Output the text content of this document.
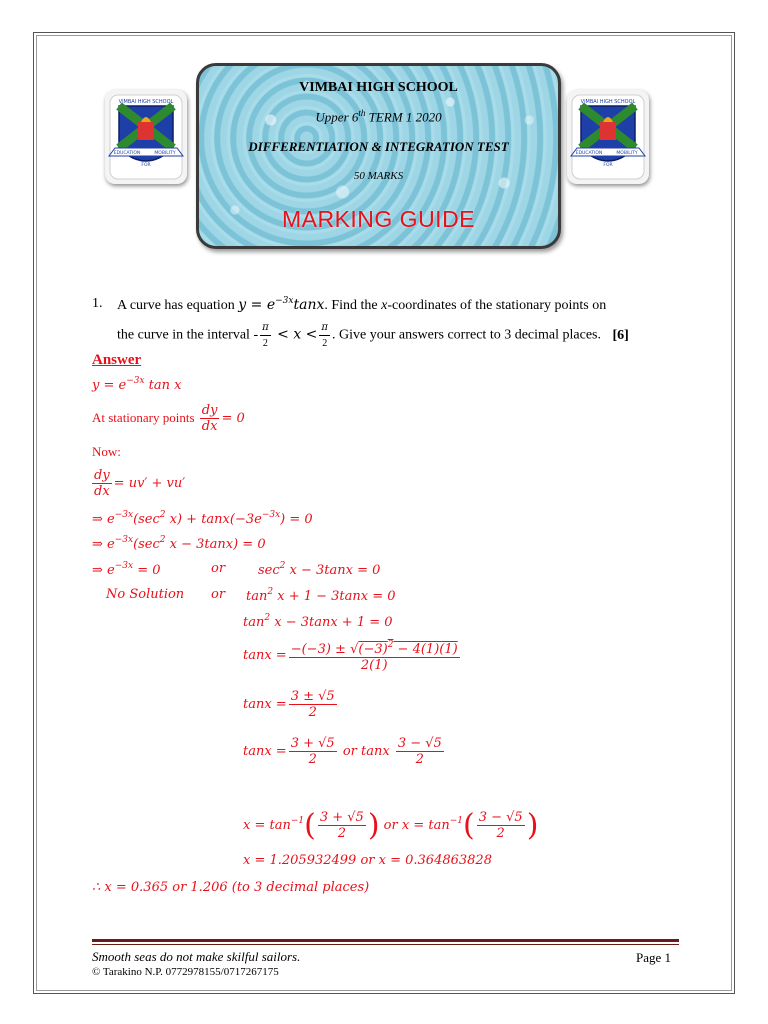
VIMBAI HIGH SCHOOL
EDUCATION	MOBILITY
FOR
VIMBAI HIGH SCHOOL
EDUCATION	MOBILITY
FOR
VIMBAI HIGH SCHOOL
Upper 6th TERM 1 2020
DIFFERENTIATION & INTEGRATION TEST
50 MARKS
MARKING GUIDE
1. A curve has equation $y = e^{-3x}\tan x$. Find the x-coordinates of the stationary points on
the curve in the interval - $\frac{\pi}{2} < x < \frac{\pi}{2}$ . Give your answers correct to 3 decimal places. [6]
Answer
$y = e^{-3x}$ tan x
At stationary points $\frac{dy}{dx} = 0$
Now:
$\frac{dy}{dx} = uv' + vu'$
⇒ $e^{-3x}(\sec^2$ $x) + \tan x(-3e^{-3x}) = 0$
⇒ $e^{-3x}(\sec^2$ x − 3tanx) = 0
⇒ $e^{-3x} = 0$	or	$\sec^2 x - 3\tan x = 0$
No Solution or $\tan^2 x + 1 - 3\tan x = 0$
$\tan^2 x - 3\tan x + 1 = 0$
$\tan x = \frac{-(-3) \pm √(-3)^2 - 4(1)(1)}{2(1)}$
$\tan x = \frac{3 \pm √5}{2}$
$\tan x = \frac{3 + √5}{2}$ or tanx $\frac{3 - √5}{2}$
$x = \tan^{-1}( \frac{3 + √5}{2}$ ) or $x = \tan^{-1}( \frac{3 - √5}{2}$ )
x = 1.205932499 or x = 0.364863828
∴ x = 0.365 or 1.206 (to 3 decimal places)
Smooth seas do not make skilful sailors.	Page 1
© Tarakino N.P. 0772978155/0717267175
